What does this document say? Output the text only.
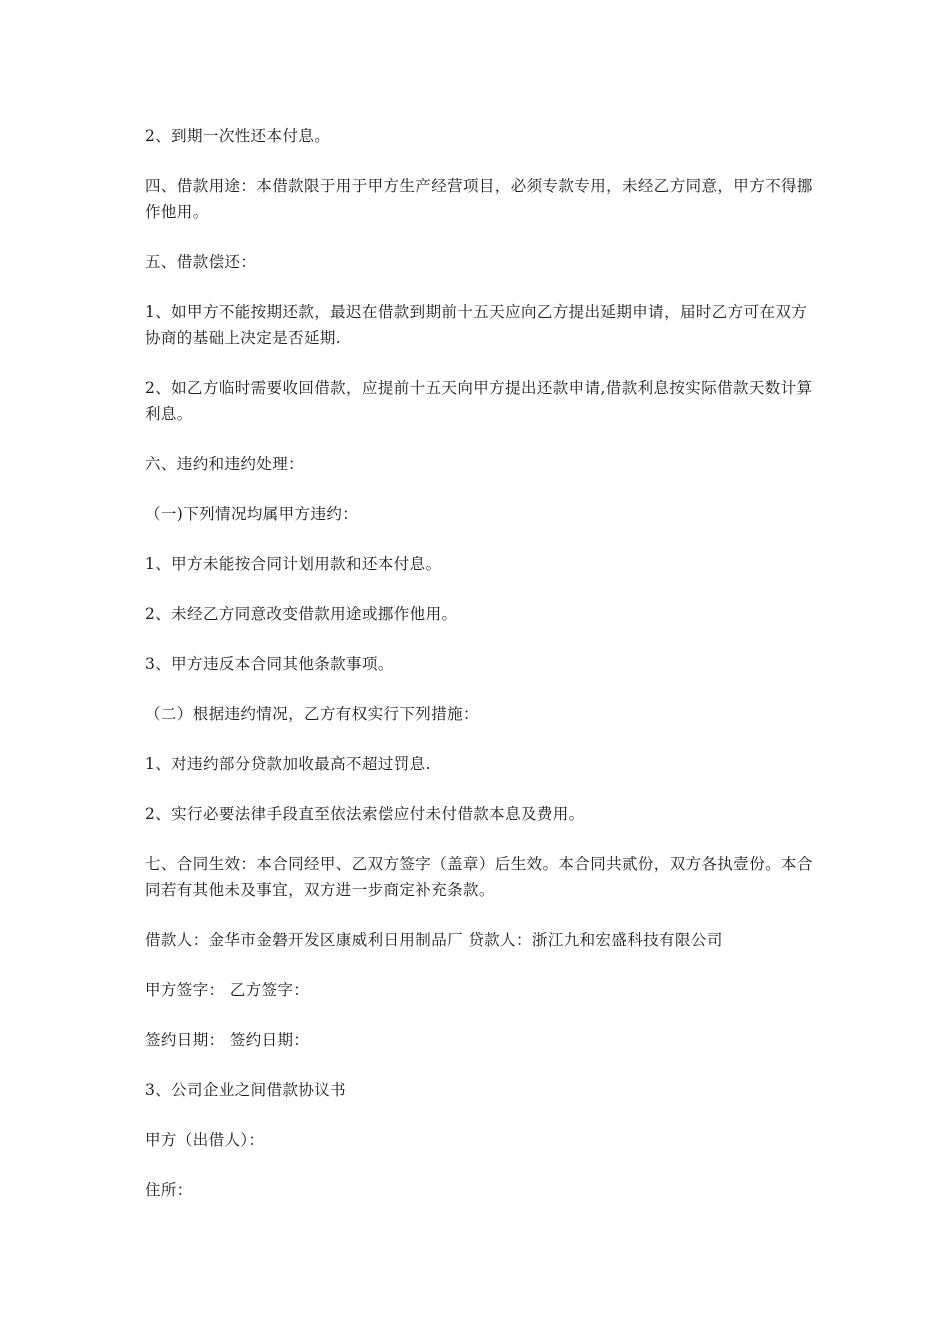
2、到期一次性还本付息。

四、借款用途：本借款限于用于甲方生产经营项目，必须专款专用，未经乙方同意，甲方不得挪作他用。

五、借款偿还：

1、如甲方不能按期还款，最迟在借款到期前十五天应向乙方提出延期申请，届时乙方可在双方协商的基础上决定是否延期.

2、如乙方临时需要收回借款，应提前十五天向甲方提出还款申请,借款利息按实际借款天数计算利息。

六、违约和违约处理：

（一)下列情况均属甲方违约：

1、甲方未能按合同计划用款和还本付息。

2、未经乙方同意改变借款用途或挪作他用。

3、甲方违反本合同其他条款事项。

（二）根据违约情况，乙方有权实行下列措施：

1、对违约部分贷款加收最高不超过罚息.

2、实行必要法律手段直至依法索偿应付未付借款本息及费用。

七、合同生效：本合同经甲、乙双方签字（盖章）后生效。本合同共贰份，双方各执壹份。本合同若有其他未及事宜，双方进一步商定补充条款。

借款人：金华市金磐开发区康威利日用制品厂 贷款人：浙江九和宏盛科技有限公司

甲方签字： 乙方签字：

签约日期： 签约日期：

3、公司企业之间借款协议书

甲方（出借人）：

住所：
